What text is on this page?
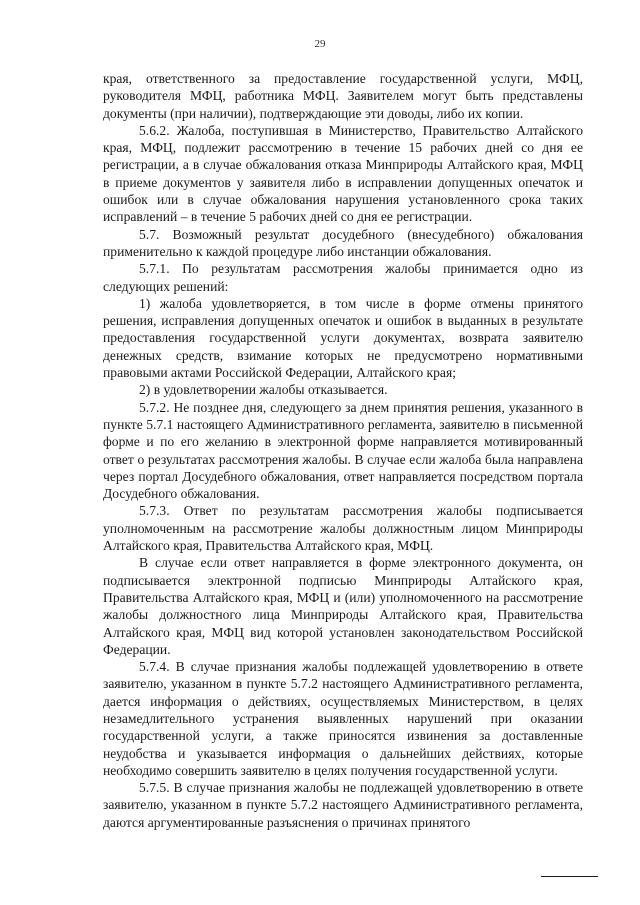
29

края, ответственного за предоставление государственной услуги, МФЦ, руководителя МФЦ, работника МФЦ. Заявителем могут быть представлены документы (при наличии), подтверждающие эти доводы, либо их копии.

5.6.2. Жалоба, поступившая в Министерство, Правительство Алтайского края, МФЦ, подлежит рассмотрению в течение 15 рабочих дней со дня ее регистрации, а в случае обжалования отказа Минприроды Алтайского края, МФЦ в приеме документов у заявителя либо в исправлении допущенных опечаток и ошибок или в случае обжалования нарушения установленного срока таких исправлений – в течение 5 рабочих дней со дня ее регистрации.

5.7. Возможный результат досудебного (внесудебного) обжалования применительно к каждой процедуре либо инстанции обжалования.

5.7.1. По результатам рассмотрения жалобы принимается одно из следующих решений:

1) жалоба удовлетворяется, в том числе в форме отмены принятого решения, исправления допущенных опечаток и ошибок в выданных в результате предоставления государственной услуги документах, возврата заявителю денежных средств, взимание которых не предусмотрено нормативными правовыми актами Российской Федерации, Алтайского края;

2) в удовлетворении жалобы отказывается.

5.7.2. Не позднее дня, следующего за днем принятия решения, указанного в пункте 5.7.1 настоящего Административного регламента, заявителю в письменной форме и по его желанию в электронной форме направляется мотивированный ответ о результатах рассмотрения жалобы. В случае если жалоба была направлена через портал Досудебного обжалования, ответ направляется посредством портала Досудебного обжалования.

5.7.3. Ответ по результатам рассмотрения жалобы подписывается уполномоченным на рассмотрение жалобы должностным лицом Минприроды Алтайского края, Правительства Алтайского края, МФЦ.

В случае если ответ направляется в форме электронного документа, он подписывается электронной подписью Минприроды Алтайского края, Правительства Алтайского края, МФЦ и (или) уполномоченного на рассмотрение жалобы должностного лица Минприроды Алтайского края, Правительства Алтайского края, МФЦ вид которой установлен законодательством Российской Федерации.

5.7.4. В случае признания жалобы подлежащей удовлетворению в ответе заявителю, указанном в пункте 5.7.2 настоящего Административного регламента, дается информация о действиях, осуществляемых Министерством, в целях незамедлительного устранения выявленных нарушений при оказании государственной услуги, а также приносятся извинения за доставленные неудобства и указывается информация о дальнейших действиях, которые необходимо совершить заявителю в целях получения государственной услуги.

5.7.5. В случае признания жалобы не подлежащей удовлетворению в ответе заявителю, указанном в пункте 5.7.2 настоящего Административного регламента, даются аргументированные разъяснения о причинах принятого
